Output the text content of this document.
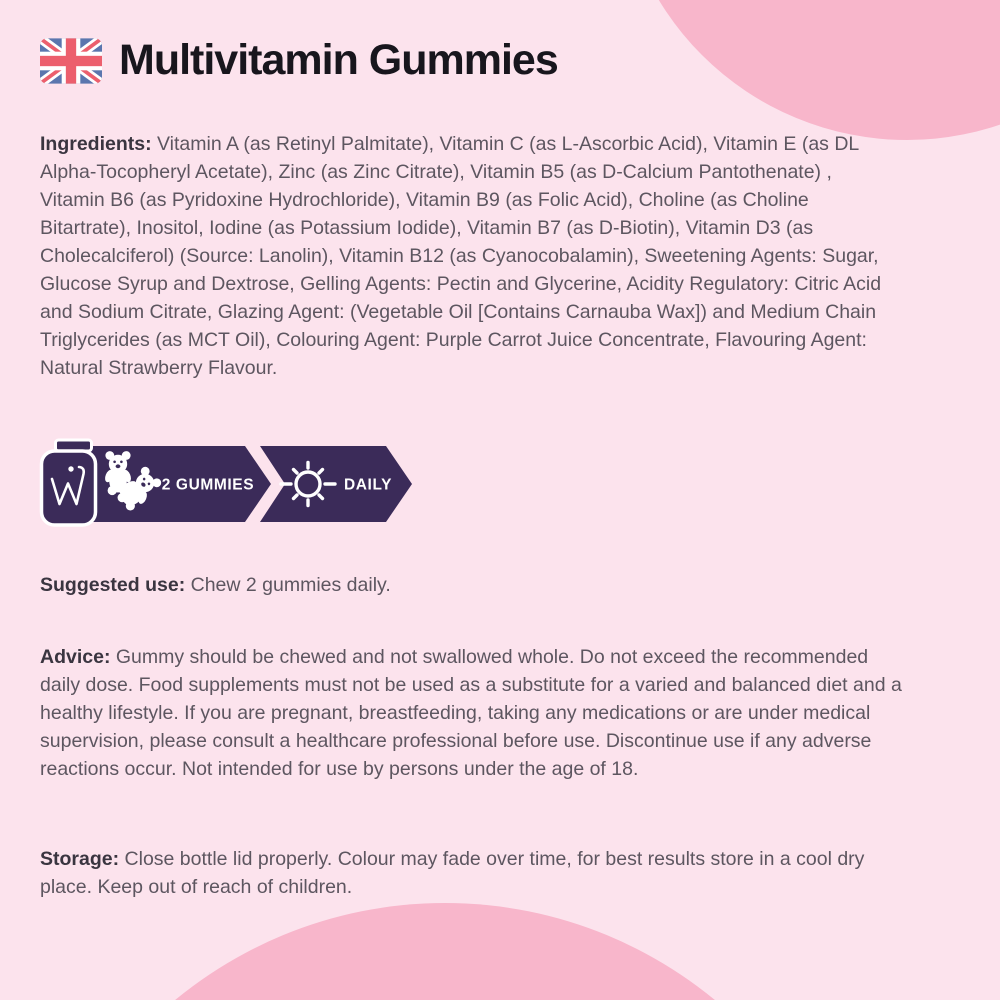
Multivitamin Gummies

Ingredients: Vitamin A (as Retinyl Palmitate), Vitamin C (as L-Ascorbic Acid), Vitamin E (as DL Alpha-Tocopheryl Acetate), Zinc (as Zinc Citrate), Vitamin B5 (as D-Calcium Pantothenate) , Vitamin B6 (as Pyridoxine Hydrochloride), Vitamin B9 (as Folic Acid), Choline (as Choline Bitartrate), Inositol, Iodine (as Potassium Iodide), Vitamin B7 (as D-Biotin), Vitamin D3 (as Cholecalciferol) (Source: Lanolin), Vitamin B12 (as Cyanocobalamin), Sweetening Agents: Sugar, Glucose Syrup and Dextrose, Gelling Agents: Pectin and Glycerine, Acidity Regulatory: Citric Acid and Sodium Citrate, Glazing Agent: (Vegetable Oil [Contains Carnauba Wax]) and Medium Chain Triglycerides (as MCT Oil), Colouring Agent: Purple Carrot Juice Concentrate, Flavouring Agent: Natural Strawberry Flavour.

2 GUMMIES	DAILY

Suggested use: Chew 2 gummies daily.

Advice: Gummy should be chewed and not swallowed whole. Do not exceed the recommended daily dose. Food supplements must not be used as a substitute for a varied and balanced diet and a healthy lifestyle. If you are pregnant, breastfeeding, taking any medications or are under medical supervision, please consult a healthcare professional before use. Discontinue use if any adverse reactions occur. Not intended for use by persons under the age of 18.

Storage: Close bottle lid properly. Colour may fade over time, for best results store in a cool dry place. Keep out of reach of children.
